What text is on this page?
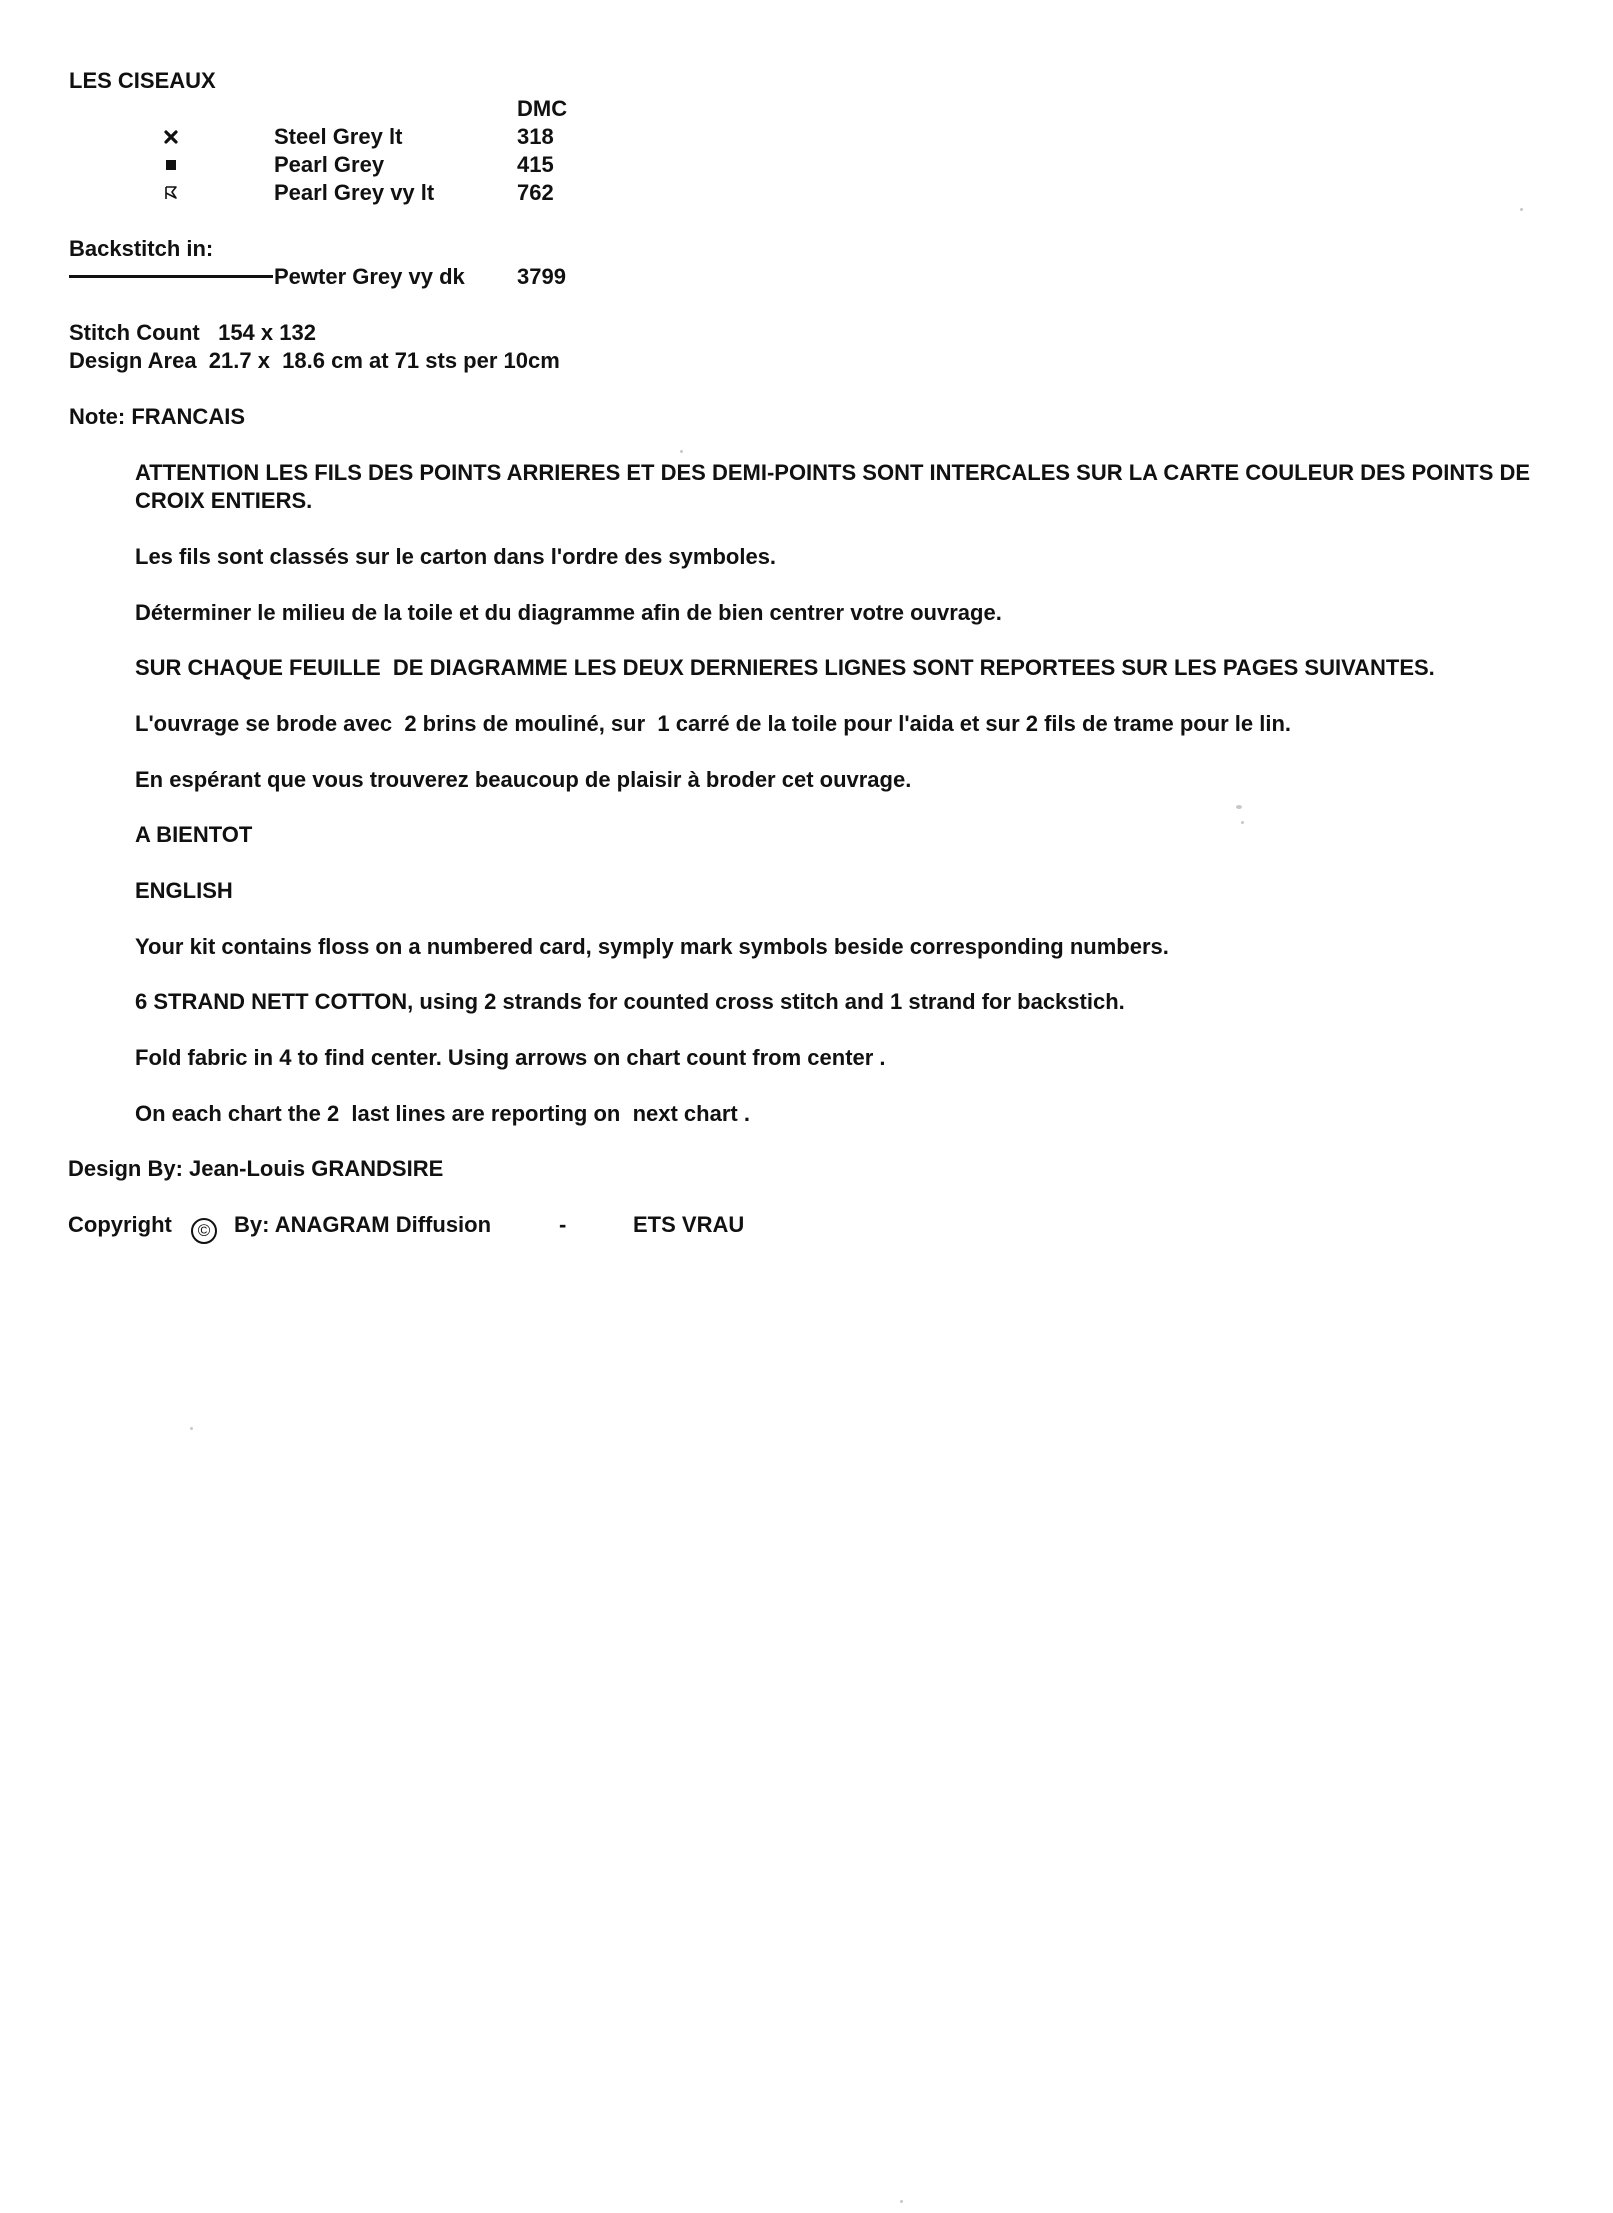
LES CISEAUX
DMC
Steel Grey lt	318
Pearl Grey	415
Pearl Grey vy lt	762
Backstitch in:
Pewter Grey vy dk 3799
Stitch Count   154 x 132
Design Area  21.7 x  18.6 cm at 71 sts per 10cm
Note: FRANCAIS
ATTENTION LES FILS DES POINTS ARRIERES ET DES DEMI-POINTS SONT INTERCALES SUR LA CARTE COULEUR DES POINTS DE CROIX ENTIERS.
Les fils sont classés sur le carton dans l'ordre des symboles.
Déterminer le milieu de la toile et du diagramme afin de bien centrer votre ouvrage.
SUR CHAQUE FEUILLE  DE DIAGRAMME LES DEUX DERNIERES LIGNES SONT REPORTEES SUR LES PAGES SUIVANTES.
L'ouvrage se brode avec  2 brins de mouliné, sur  1 carré de la toile pour l'aida et sur 2 fils de trame pour le lin.
En espérant que vous trouverez beaucoup de plaisir à broder cet ouvrage.
A BIENTOT
ENGLISH
Your kit contains floss on a numbered card, symply mark symbols beside corresponding numbers.
6 STRAND NETT COTTON, using 2 strands for counted cross stitch and 1 strand for backstich.
Fold fabric in 4 to find center. Using arrows on chart count from center .
On each chart the 2  last lines are reporting on  next chart .
Design By: Jean-Louis GRANDSIRE
Copyright	©	By: ANAGRAM Diffusion	-	ETS VRAU
